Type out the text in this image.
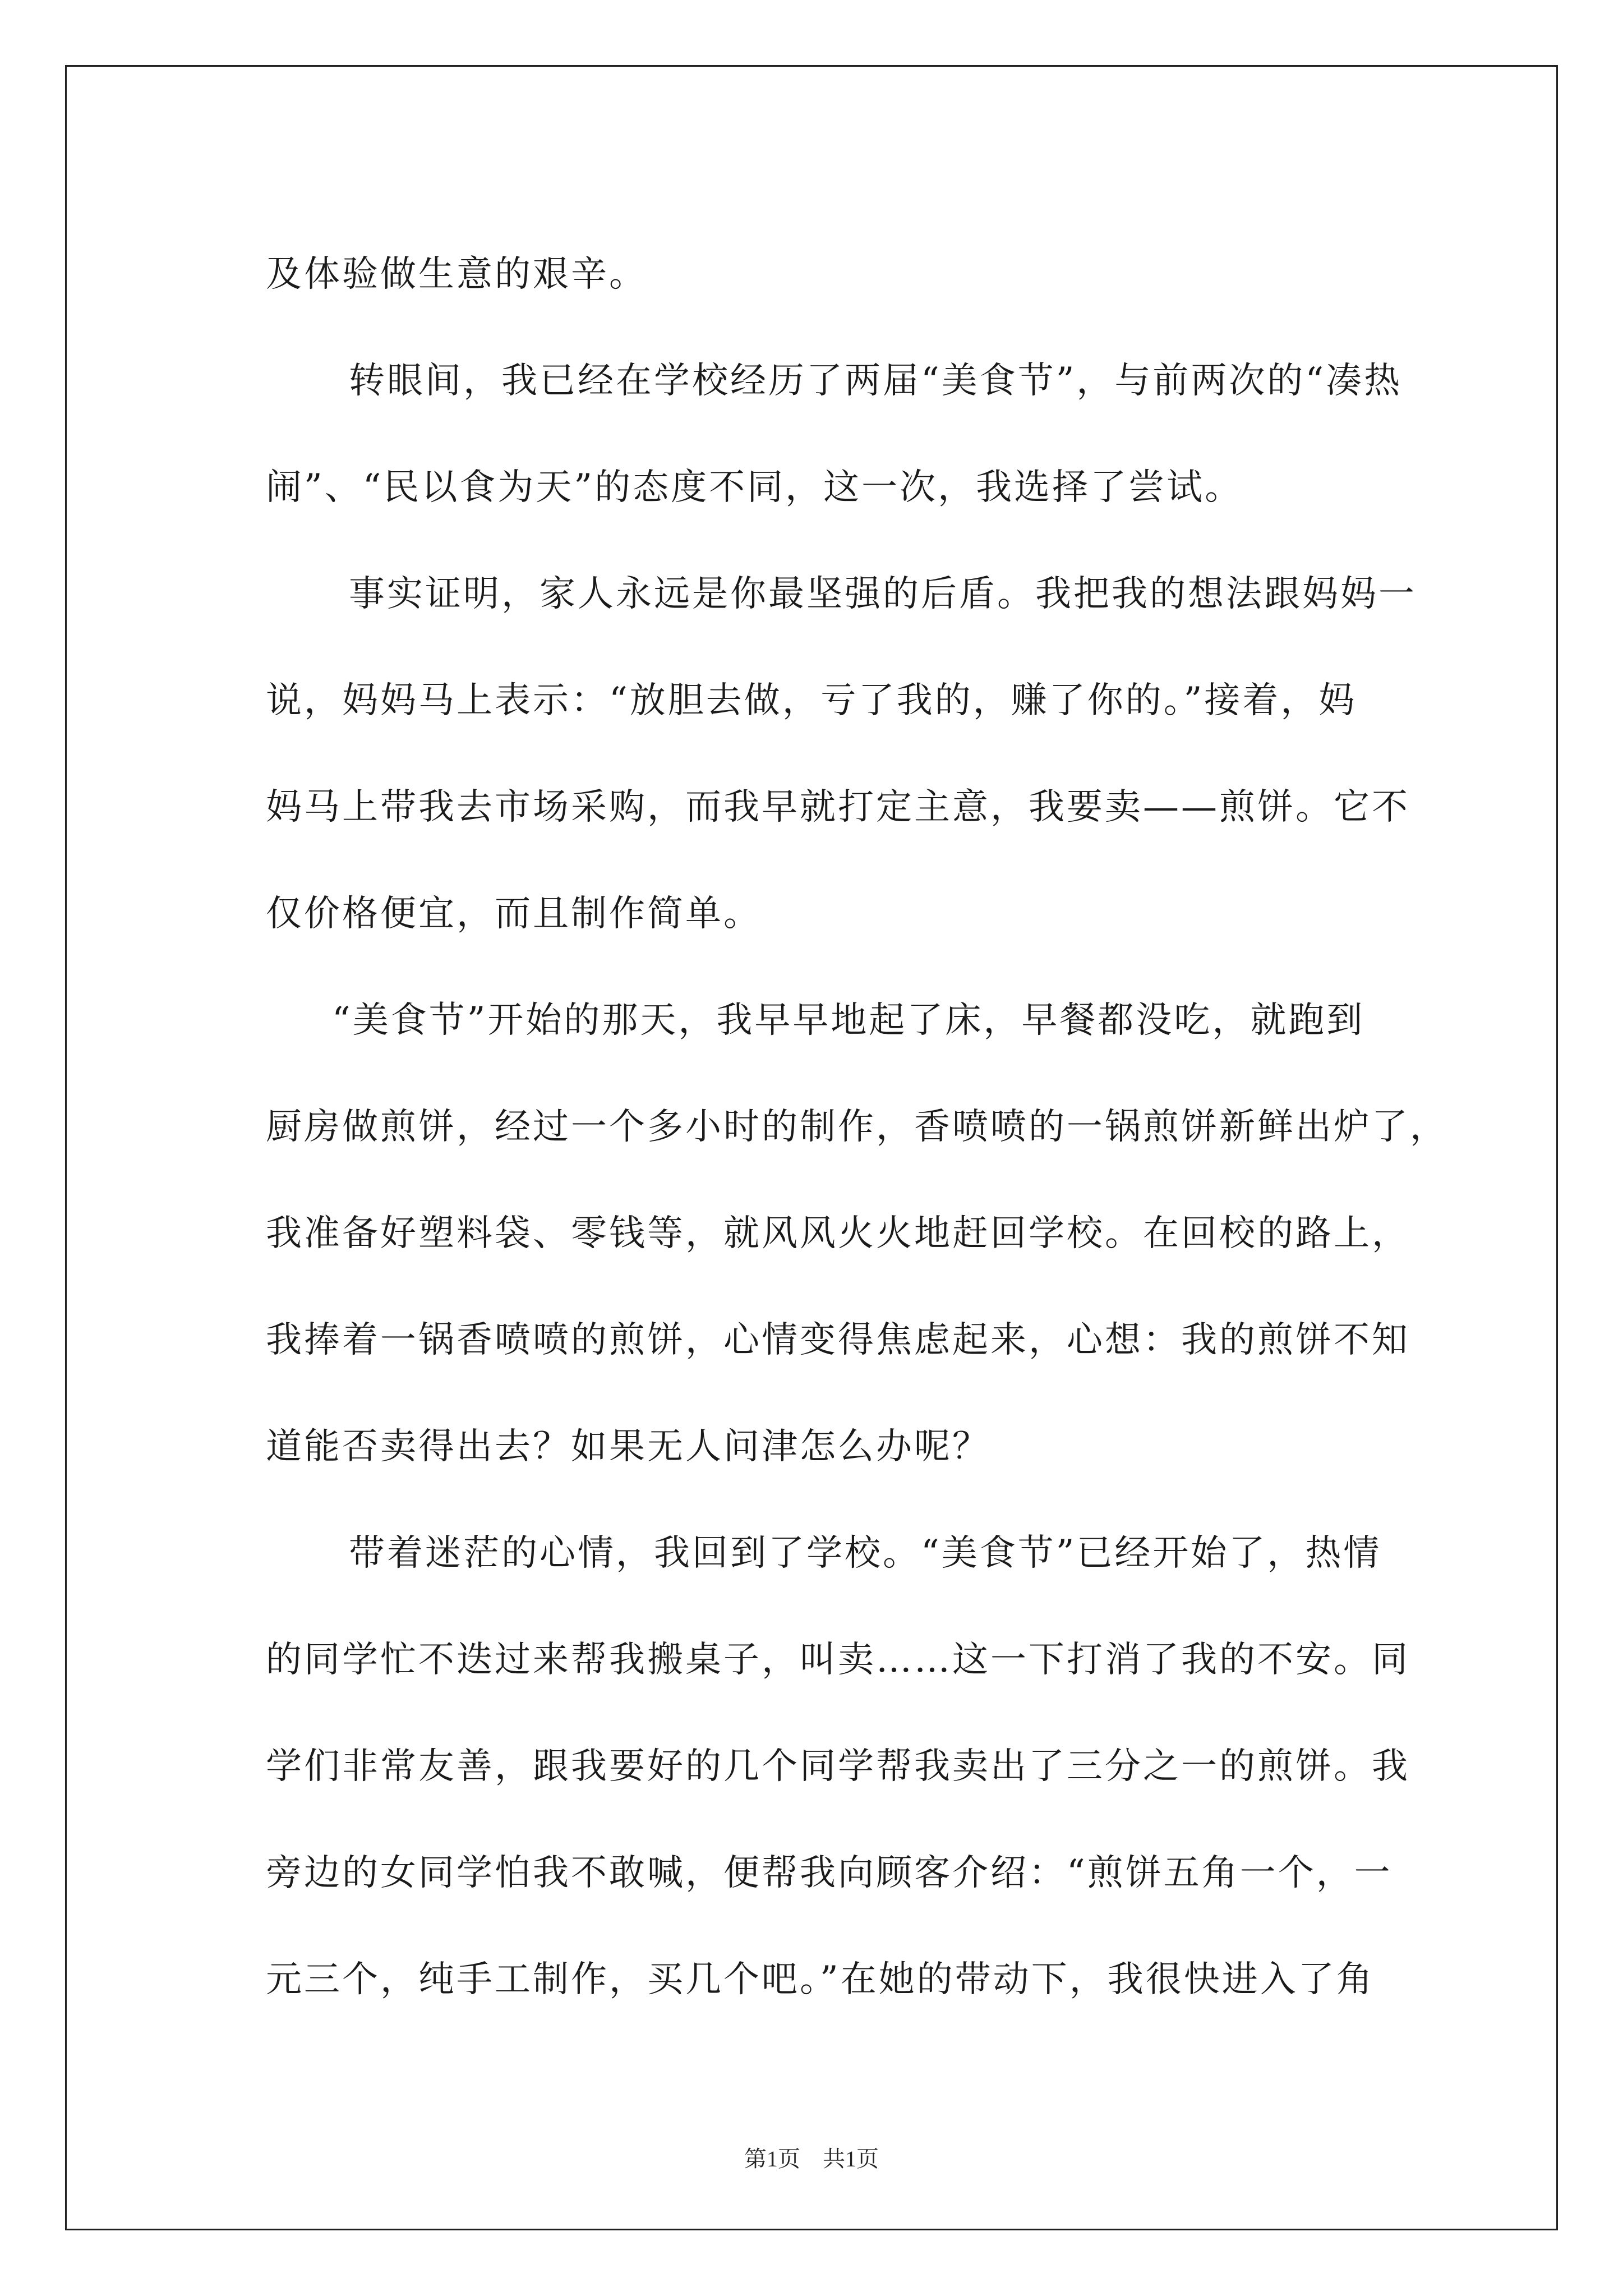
及体验做生意的艰辛。
转眼间，我已经在学校经历了两届“美食节”，与前两次的“凑热
闹”、“民以食为天”的态度不同，这一次，我选择了尝试。
事实证明，家人永远是你最坚强的后盾。我把我的想法跟妈妈一
说，妈妈马上表示：“放胆去做，亏了我的，赚了你的。”接着，妈
妈马上带我去市场采购，而我早就打定主意，我要卖——煎饼。它不
仅价格便宜，而且制作简单。
“美食节”开始的那天，我早早地起了床，早餐都没吃，就跑到
厨房做煎饼，经过一个多小时的制作，香喷喷的一锅煎饼新鲜出炉了，
我准备好塑料袋、零钱等，就风风火火地赶回学校。在回校的路上，
我捧着一锅香喷喷的煎饼，心情变得焦虑起来，心想：我的煎饼不知
道能否卖得出去？如果无人问津怎么办呢？
带着迷茫的心情，我回到了学校。“美食节”已经开始了，热情
的同学忙不迭过来帮我搬桌子，叫卖……这一下打消了我的不安。同
学们非常友善，跟我要好的几个同学帮我卖出了三分之一的煎饼。我
旁边的女同学怕我不敢喊，便帮我向顾客介绍：“煎饼五角一个，一
元三个，纯手工制作，买几个吧。”在她的带动下，我很快进入了角
第1页 共1页
